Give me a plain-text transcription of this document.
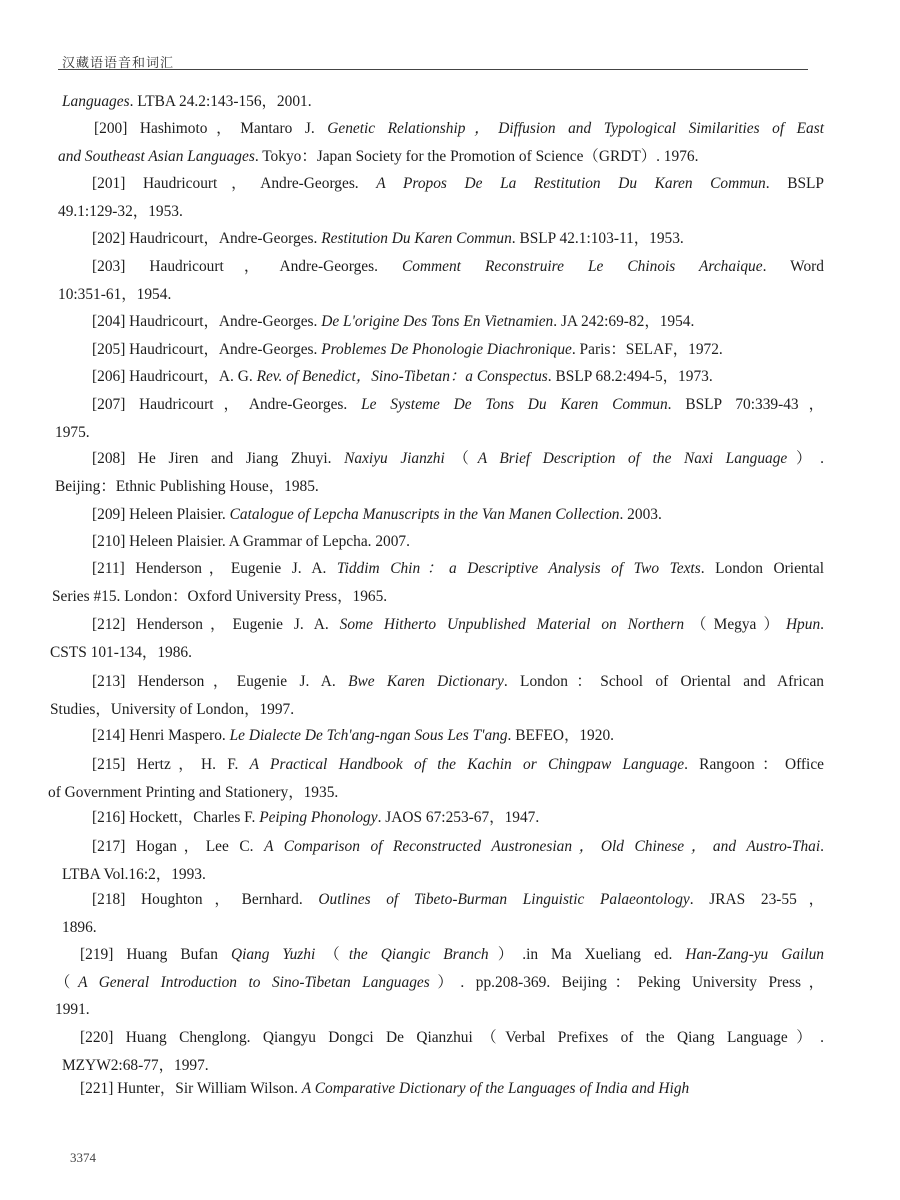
汉藏语语音和词汇
Languages. LTBA 24.2:143-156，2001.
[200] Hashimoto，Mantaro J. Genetic Relationship，Diffusion and Typological Similarities of East
and Southeast Asian Languages. Tokyo：Japan Society for the Promotion of Science（GRDT）. 1976.
[201] Haudricourt，Andre-Georges. A Propos De La Restitution Du Karen Commun. BSLP
49.1:129-32，1953.
[202] Haudricourt，Andre-Georges. Restitution Du Karen Commun. BSLP 42.1:103-11，1953.
[203] Haudricourt，Andre-Georges. Comment Reconstruire Le Chinois Archaique. Word
10:351-61，1954.
[204] Haudricourt，Andre-Georges. De L'origine Des Tons En Vietnamien. JA 242:69-82，1954.
[205] Haudricourt，Andre-Georges. Problemes De Phonologie Diachronique. Paris：SELAF，1972.
[206] Haudricourt，A. G. Rev. of Benedict，Sino-Tibetan：a Conspectus. BSLP 68.2:494-5，1973.
[207] Haudricourt，Andre-Georges. Le Systeme De Tons Du Karen Commun. BSLP 70:339-43，
1975.
[208] He Jiren and Jiang Zhuyi. Naxiyu Jianzhi（A Brief Description of the Naxi Language）.
Beijing：Ethnic Publishing House，1985.
[209] Heleen Plaisier. Catalogue of Lepcha Manuscripts in the Van Manen Collection. 2003.
[210] Heleen Plaisier. A Grammar of Lepcha. 2007.
[211] Henderson，Eugenie J. A. Tiddim Chin：a Descriptive Analysis of Two Texts. London Oriental
Series #15. London：Oxford University Press，1965.
[212] Henderson，Eugenie J. A. Some Hitherto Unpublished Material on Northern（Megya）Hpun.
CSTS 101-134，1986.
[213] Henderson，Eugenie J. A. Bwe Karen Dictionary. London：School of Oriental and African
Studies，University of London，1997.
[214] Henri Maspero. Le Dialecte De Tch'ang-ngan Sous Les T'ang. BEFEO，1920.
[215] Hertz，H. F. A Practical Handbook of the Kachin or Chingpaw Language. Rangoon：Office
of Government Printing and Stationery，1935.
[216] Hockett，Charles F. Peiping Phonology. JAOS 67:253-67，1947.
[217] Hogan，Lee C. A Comparison of Reconstructed Austronesian，Old Chinese，and Austro-Thai.
LTBA Vol.16:2，1993.
[218] Houghton，Bernhard. Outlines of Tibeto-Burman Linguistic Palaeontology. JRAS 23-55，
1896.
[219] Huang Bufan Qiang Yuzhi（the Qiangic Branch）.in Ma Xueliang ed. Han-Zang-yu Gailun
（A General Introduction to Sino-Tibetan Languages）. pp.208-369. Beijing：Peking University Press，
1991.
[220] Huang Chenglong. Qiangyu Dongci De Qianzhui（Verbal Prefixes of the Qiang Language）.
MZYW2:68-77，1997.
[221] Hunter，Sir William Wilson. A Comparative Dictionary of the Languages of India and High
3374
